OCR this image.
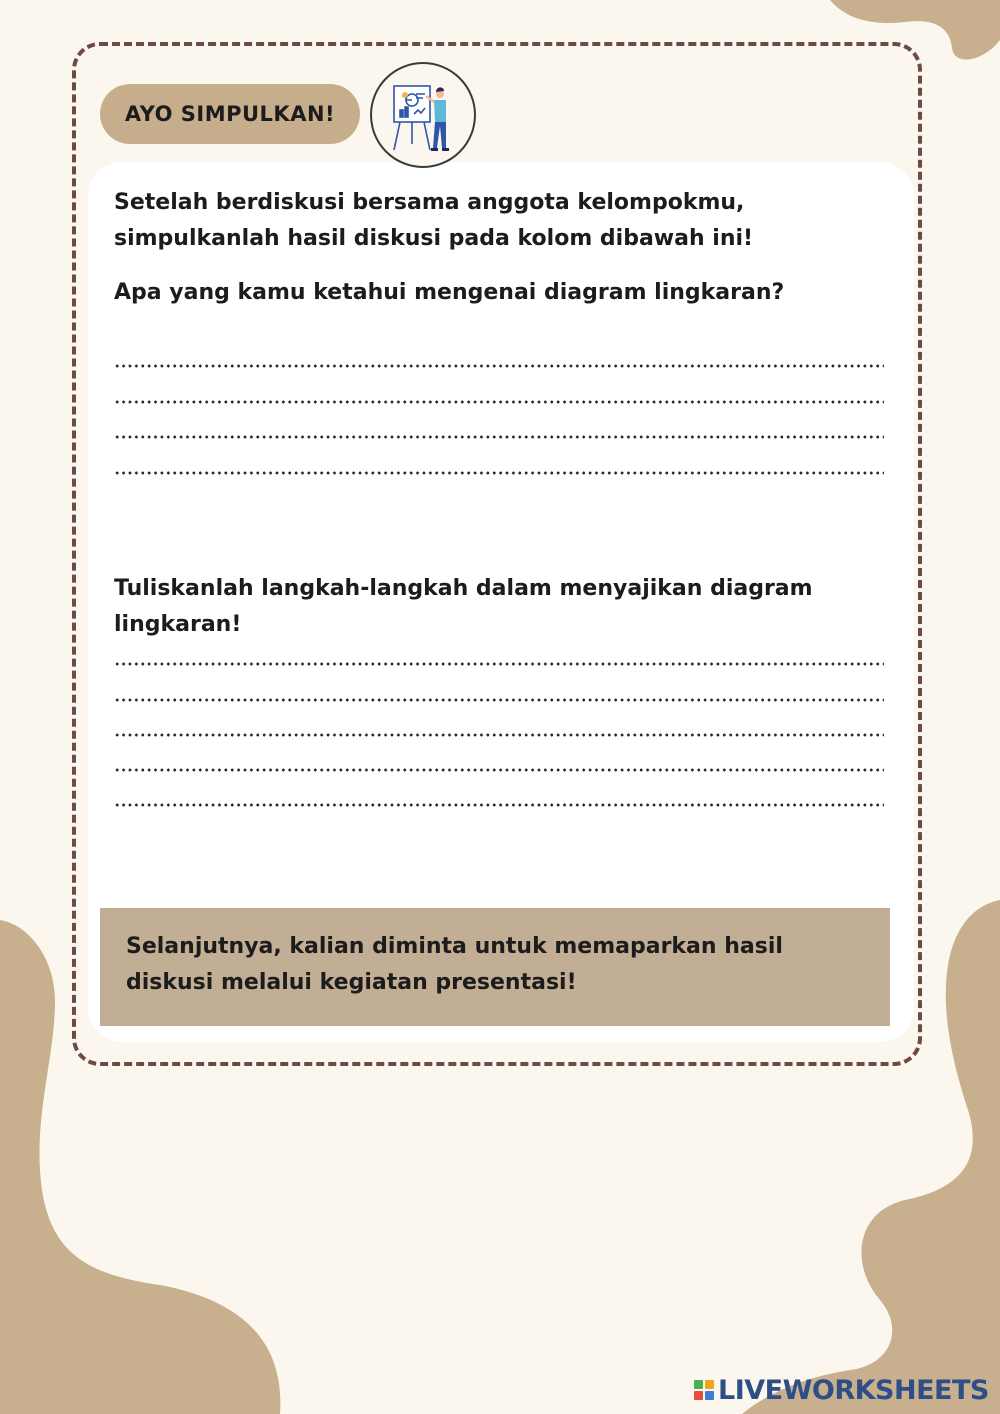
AYO SIMPULKAN!

Setelah berdiskusi bersama anggota kelompokmu, simpulkanlah hasil diskusi pada kolom dibawah ini!

Apa yang kamu ketahui mengenai diagram lingkaran?

Tuliskanlah langkah-langkah dalam menyajikan diagram lingkaran!

Selanjutnya, kalian diminta untuk memaparkan hasil diskusi melalui kegiatan presentasi!

LIVEWORKSHEETS
